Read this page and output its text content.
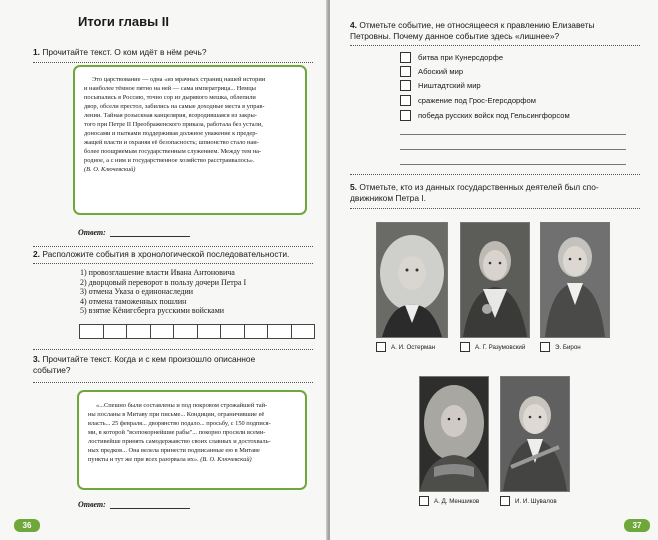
Итоги главы II
1. Прочитайте текст. О ком идёт в нём речь?
Это царствование — одна «из мрачных страниц нашей истории
и наиболее тёмное пятно на ней — сама императрица... Немцы
посыпались в Россию, точно сор из дырявого мешка, облепили
двор, обсели престол, забились на самые доходные места в управ-
лении. Тайная розыскная канцелярия, возродившаяся из закры-
того при Петре II Преображенского приказа, работала без устали,
доносами и пытками поддерживая должное уважение к предер-
жащей власти и охраняя её безопасность; шпионство стало наи-
более поощряемым государственным служением. Между тем на-
родное, а с ним и государственное хозяйство расстраивалось».
(В. О. Ключевский)
Ответ:
2. Расположите события в хронологической последовательности.
1) провозглашение власти Ивана Антоновича
2) дворцовый переворот в пользу дочери Петра I
3) отмена Указа о единонаследии
4) отмена таможенных пошлин
5) взятие Кёнигсберга русскими войсками
3. Прочитайте текст. Когда и с кем произошло описанное
событие?
«...Спешно были составлены и под покровом строжайшей тай-
ны посланы в Митаву при письме... Кондиции, ограничившие её
власть... 25 февраля... дворянство подало... просьбу, с 150 подпися-
ми, в которой "всепокорнейшие рабы"... покорно просили всеми-
лостивейше принять самодержавство своих славных и достохваль-
ных предков... Она велела принести подписанные ею в Митаве
пункты и тут же при всех разорвала их». (В. О. Ключевский)
Ответ:
36
4. Отметьте событие, не относящееся к правлению Елизаветы
Петровны. Почему данное событие здесь «лишнее»?
битва при Кунерсдорфе
Абоский мир
Ништадтский мир
сражение под Грос-Егерсдорфом
победа русских войск под Гельсингфорсом
5. Отметьте, кто из данных государственных деятелей был спо-
движником Петра I.
А. И. Остерман	А. Г. Разумовский	Э. Бирон
А. Д. Меншиков	И. И. Шувалов
37
